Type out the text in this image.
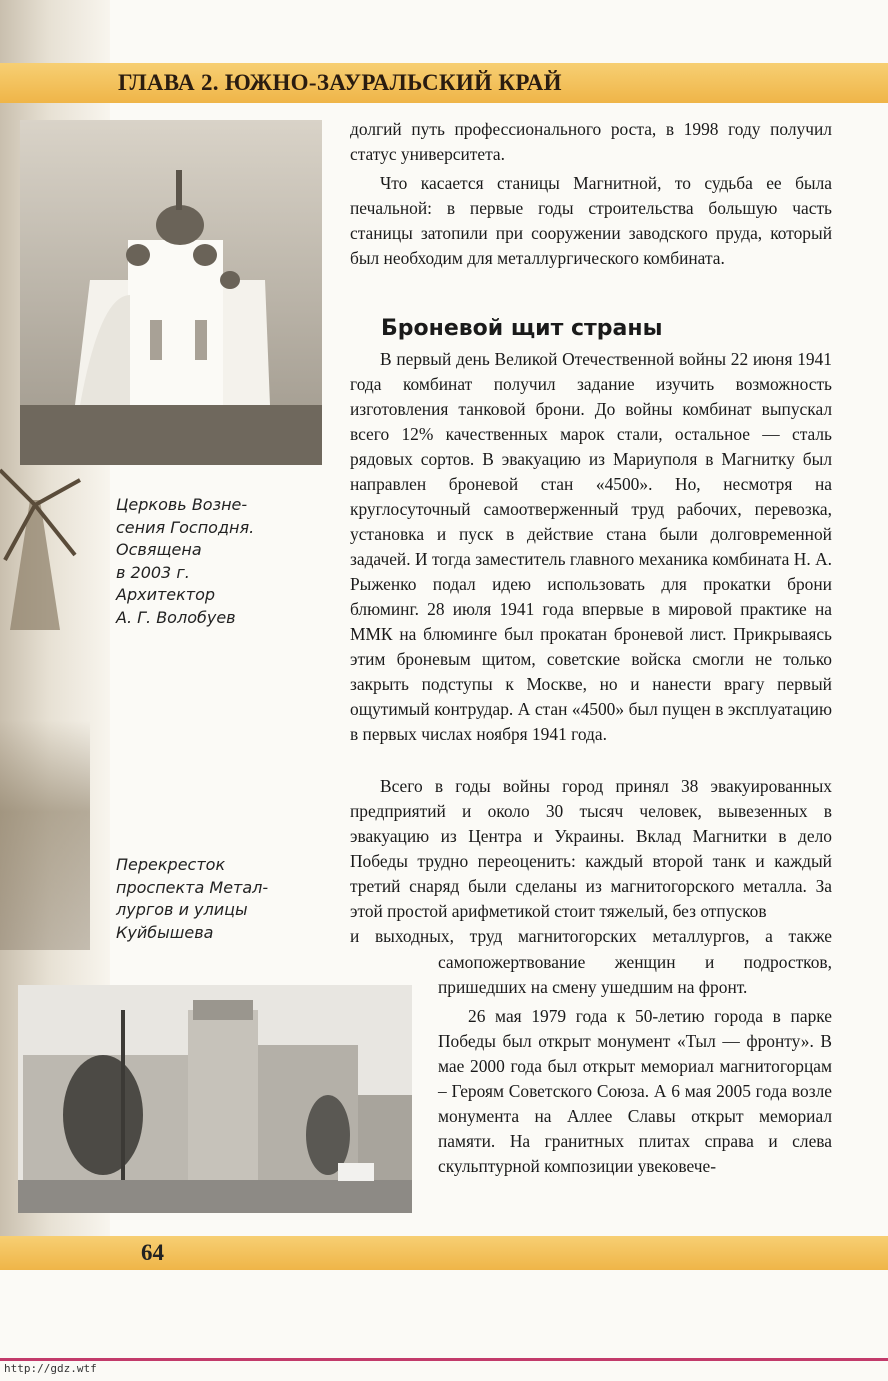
ГЛАВА 2. ЮЖНО-ЗАУРАЛЬСКИЙ КРАЙ
Церковь Возне-
сения Господня.
Освящена
в 2003 г.
Архитектор
А. Г. Волобуев
Перекресток
проспекта Метал-
лургов и улицы
Куйбышева

долгий путь профессионального роста, в 1998 году получил статус университета.

Что касается станицы Магнитной, то судьба ее была печальной: в первые годы строительства большую часть станицы затопили при сооружении заводского пруда, который был необходим для металлургического комбината.

Броневой щит страны

В первый день Великой Отечественной войны 22 июня 1941 года комбинат получил задание изучить возможность изготовления танковой брони. До войны комбинат выпускал всего 12% качественных марок стали, остальное — сталь рядовых сортов. В эвакуацию из Мариуполя в Магнитку был направлен броневой стан «4500». Но, несмотря на круглосуточный самоотверженный труд рабочих, перевозка, установка и пуск в действие стана были долговременной задачей. И тогда заместитель главного механика комбината Н. А. Рыженко подал идею использовать для прокатки брони блюминг. 28 июля 1941 года впервые в мировой практике на ММК на блюминге был прокатан броневой лист. Прикрываясь этим броневым щитом, советские войска смогли не только закрыть подступы к Москве, но и нанести врагу первый ощутимый контрудар. А стан «4500» был пущен в эксплуатацию в первых числах ноября 1941 года.

Всего в годы войны город принял 38 эвакуированных предприятий и около 30 тысяч человек, вывезенных в эвакуацию из Центра и Украины. Вклад Магнитки в дело Победы трудно переоценить: каждый второй танк и каждый третий снаряд были сделаны из магнитогорского металла. За этой простой арифметикой стоит тяжелый, без отпусков

и выходных, труд магнитогорских металлургов, а также

самопожертвование женщин и подростков, пришедших на смену ушедшим на фронт.

26 мая 1979 года к 50-летию города в парке Победы был открыт монумент «Тыл — фронту». В мае 2000 года был открыт мемориал магнитогорцам – Героям Советского Союза. А 6 мая 2005 года возле монумента на Аллее Славы открыт мемориал памяти. На гранитных плитах справа и слева скульптурной композиции увековече-

64
http://gdz.wtf
